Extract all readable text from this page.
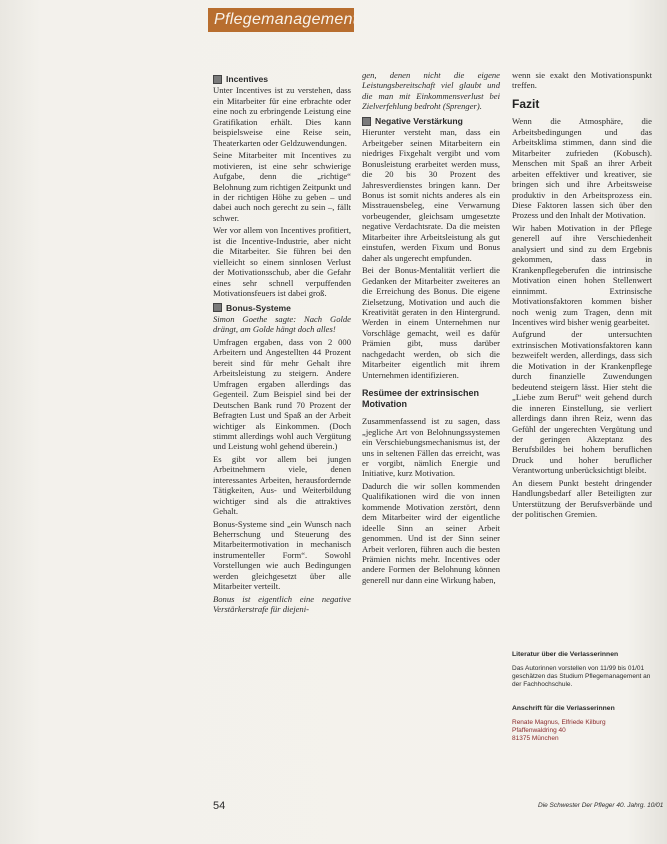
Pflegemanagement
Incentives

Unter Incentives ist zu verstehen, dass ein Mitarbeiter für eine erbrachte oder eine noch zu erbringende Leistung eine Gratifikation erhält. Dies kann beispielsweise eine Reise sein, Theaterkarten oder Geldzuwendungen.

Seine Mitarbeiter mit Incentives zu motivieren, ist eine sehr schwierige Aufgabe, denn die „richtige“ Belohnung zum richtigen Zeitpunkt und in der richtigen Höhe zu geben – und dabei auch noch gerecht zu sein –, fällt schwer.

Wer vor allem von Incentives profitiert, ist die Incentive-Industrie, aber nicht die Mitarbeiter. Sie führen bei den vielleicht so einem sinnlosen Verlust der Motivationsschub, aber die Gefahr eines sehr schnell verpuffenden Motivationsfeuers ist dabei groß.

Bonus-Systeme

Simon Goethe sagte: Nach Golde drängt, am Golde hängt doch alles!

Umfragen ergaben, dass von 2 000 Arbeitern und Angestellten 44 Prozent bereit sind für mehr Gehalt ihre Arbeitsleistung zu steigern. Andere Umfragen ergaben allerdings das Gegenteil. Zum Beispiel sind bei der Deutschen Bank rund 70 Prozent der Befragten Lust und Spaß an der Arbeit wichtiger als Einkommen. (Doch stimmt allerdings wohl auch Vergütung und Leistung wohl gehend überein.)

Es gibt vor allem bei jungen Arbeitnehmern viele, denen interessantes Arbeiten, herausfordernde Tätigkeiten, Aus- und Weiterbildung wichtiger sind als die attraktives Gehalt.

Bonus-Systeme sind „ein Wunsch nach Beherrschung und Steuerung des Mitarbeitermotivation in mechanisch instrumenteller Form“. Sowohl Vorstellungen wie auch Bedingungen werden gleichgesetzt über alle Mitarbeiter verteilt.

Bonus ist eigentlich eine negative Verstärkerstrafe für diejeni-

gen, denen nicht die eigene Leistungsbereitschaft viel glaubt und die man mit Einkommensverlust bei Zielverfehlung bedroht (Sprenger).

Negative Verstärkung

Hierunter versteht man, dass ein Arbeitgeber seinen Mitarbeitern ein niedriges Fixgehalt vergibt und vom Bonusleistung erarbeitet werden muss, die 20 bis 30 Prozent des Jahresverdienstes bringen kann. Der Bonus ist somit nichts anderes als ein Misstrauensbeleg, eine Verwarnung vorbeugender, gleichsam umgesetzte negative Verdachtsrate. Da die meisten Mitarbeiter ihre Arbeitsleistung als gut einstufen, werden Fixum und Bonus daher als ungerecht empfunden.

Bei der Bonus-Mentalität verliert die Gedanken der Mitarbeiter zweiteres an die Erreichung des Bonus. Die eigene Zielsetzung, Motivation und auch die Kreativität geraten in den Hintergrund. Werden in einem Unternehmen nur Vorschläge gemacht, weil es dafür Prämien gibt, muss darüber nachgedacht werden, ob sich die Mitarbeiter eigentlich mit ihrem Unternehmen identifizieren.

Resümee der extrinsischen Motivation

Zusammenfassend ist zu sagen, dass „jegliche Art von Belohnungssystemen ein Verschiebungsmechanismus ist, der uns in seltenen Fällen das erreicht, was er vorgibt, nämlich Energie und Initiative, kurz Motivation.

Dadurch die wir sollen kommenden Qualifikationen wird die von innen kommende Motivation zerstört, denn dem Mitarbeiter wird der eigentliche ideelle Sinn an seiner Arbeit genommen. Und ist der Sinn seiner Arbeit verloren, führen auch die besten Prämien nichts mehr. Incentives oder andere Formen der Belohnung können generell nur dann eine Wirkung haben,

wenn sie exakt den Motivationspunkt treffen.

Fazit

Wenn die Atmosphäre, die Arbeitsbedingungen und das Arbeitsklima stimmen, dann sind die Mitarbeiter zufrieden (Kobusch). Menschen mit Spaß an ihrer Arbeit arbeiten effektiver und kreativer, sie bringen sich und ihre Arbeitsweise produktiv in den Arbeitsprozess ein. Diese Faktoren lassen sich über den Prozess und den Inhalt der Motivation.

Wir haben Motivation in der Pflege generell auf ihre Verschiedenheit analysiert und sind zu dem Ergebnis gekommen, dass in Krankenpflegeberufen die intrinsische Motivation einen hohen Stellenwert einnimmt. Extrinsische Motivationsfaktoren kommen bisher noch wenig zum Tragen, denn mit Incentives wird bisher wenig gearbeitet.

Aufgrund der untersuchten extrinsischen Motivationsfaktoren kann bezweifelt werden, allerdings, dass sich die Motivation in der Krankenpflege durch finanzielle Zuwendungen bedeutend steigern lässt. Hier steht die „Liebe zum Beruf“ weit gehend durch die inneren Einstellung, sie verliert allerdings dann ihren Reiz, wenn das Gefühl der ungerechten Vergütung und der geringen Akzeptanz des Berufsbildes bei hohem beruflichen Druck und hoher beruflicher Verantwortung unberücksichtigt bleibt.

An diesem Punkt besteht dringender Handlungsbedarf aller Beteiligten zur Unterstützung der Berufsverbände und der politischen Gremien.

Literatur über die Verlasserinnen
Das Autorinnen vorstellen von 11/99 bis 01/01 geschätzen das Studium Pflegemanagement an der Fachhochschule.
Anschrift für die Verlasserinnen
Renate Magnus, Elfriede Kilburg
Pfaffenwaldring 40
81375 München
54	Die Schwester Der Pfleger 40. Jahrg. 10/01
